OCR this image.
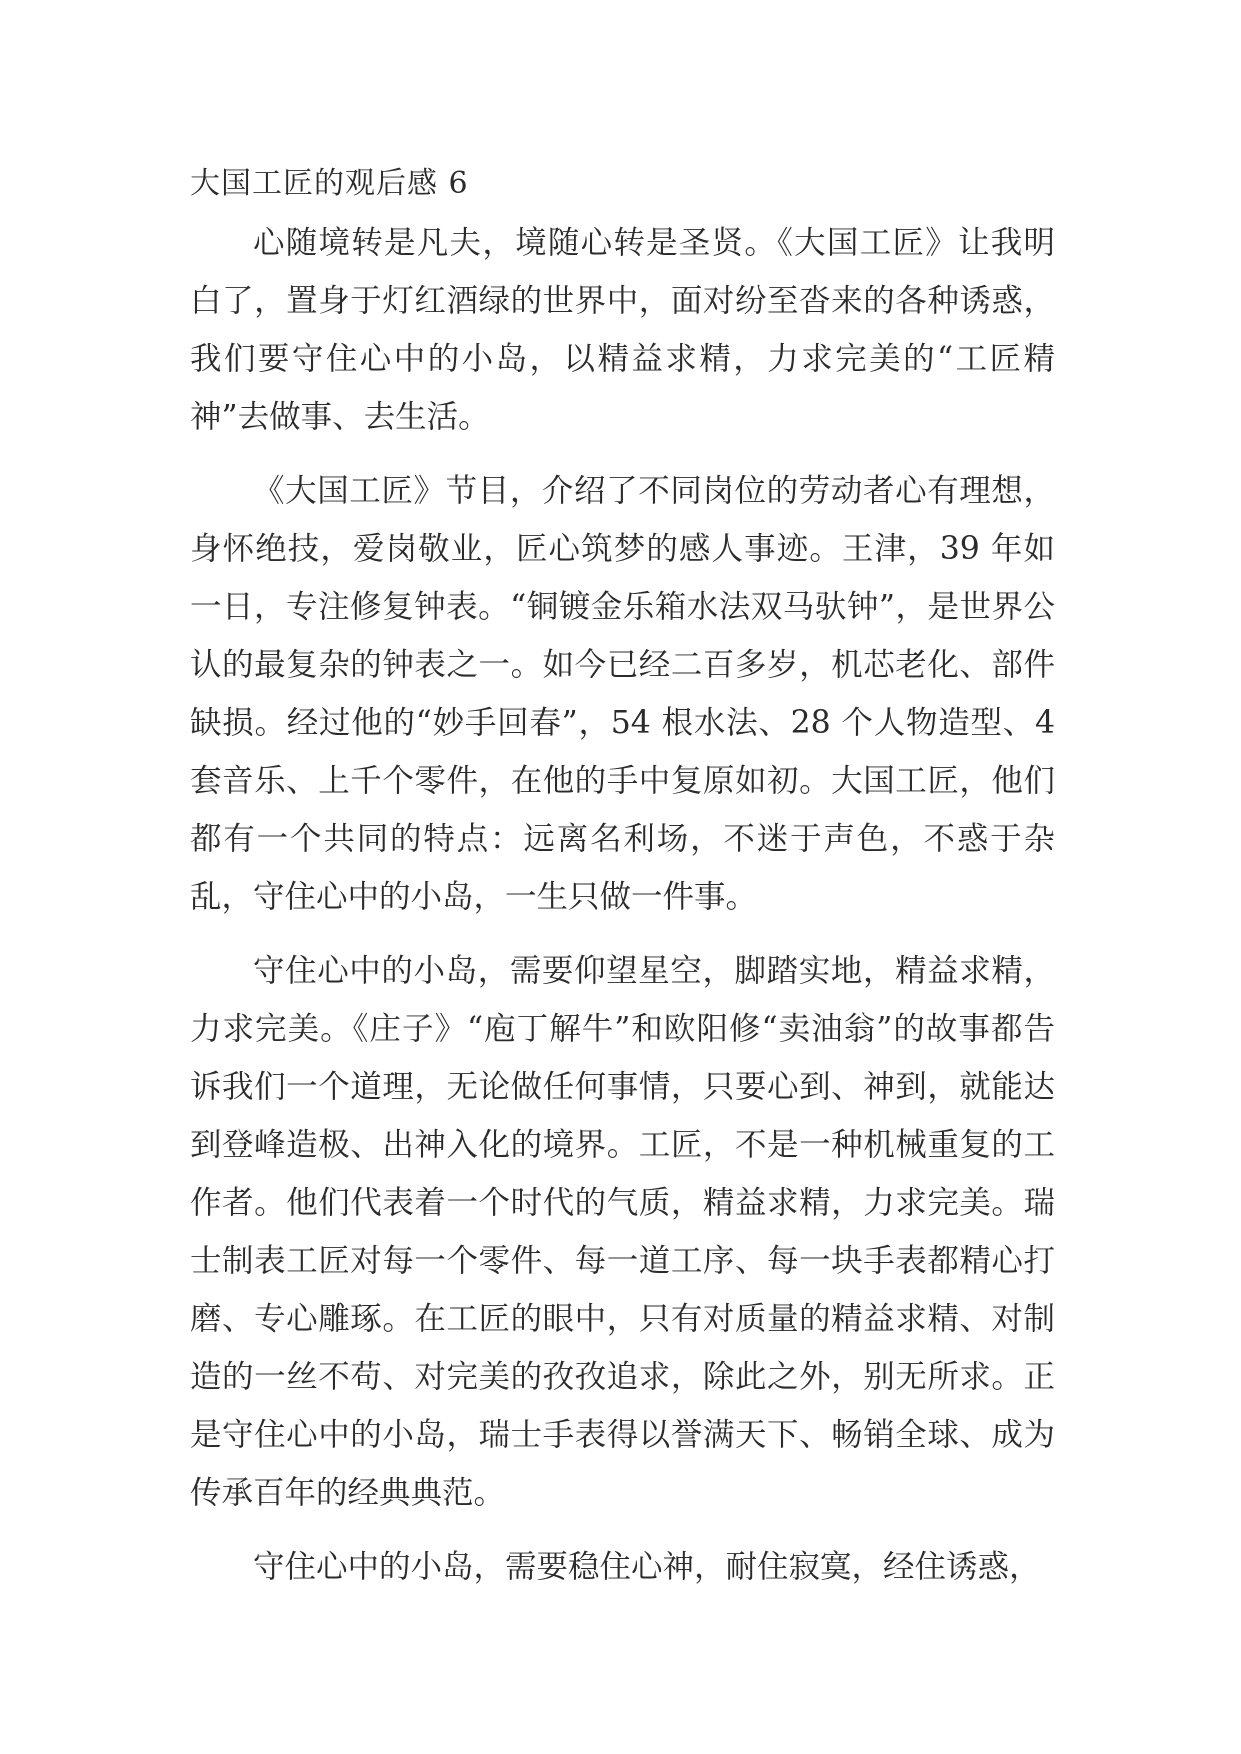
大国工匠的观后感 6

心随境转是凡夫，境随心转是圣贤。《大国工匠》让我明白了，置身于灯红酒绿的世界中，面对纷至沓来的各种诱惑，我们要守住心中的小岛，以精益求精，力求完美的“工匠精神”去做事、去生活。

《大国工匠》节目，介绍了不同岗位的劳动者心有理想，身怀绝技，爱岗敬业，匠心筑梦的感人事迹。王津，39 年如一日，专注修复钟表。“铜镀金乐箱水法双马驮钟”，是世界公认的最复杂的钟表之一。如今已经二百多岁，机芯老化、部件缺损。经过他的“妙手回春”，54 根水法、28 个人物造型、4 套音乐、上千个零件，在他的手中复原如初。大国工匠，他们都有一个共同的特点：远离名利场，不迷于声色，不惑于杂乱，守住心中的小岛，一生只做一件事。

守住心中的小岛，需要仰望星空，脚踏实地，精益求精，力求完美。《庄子》“庖丁解牛”和欧阳修“卖油翁”的故事都告诉我们一个道理，无论做任何事情，只要心到、神到，就能达到登峰造极、出神入化的境界。工匠，不是一种机械重复的工作者。他们代表着一个时代的气质，精益求精，力求完美。瑞士制表工匠对每一个零件、每一道工序、每一块手表都精心打磨、专心雕琢。在工匠的眼中，只有对质量的精益求精、对制造的一丝不苟、对完美的孜孜追求，除此之外，别无所求。正是守住心中的小岛，瑞士手表得以誉满天下、畅销全球、成为传承百年的经典典范。

守住心中的小岛，需要稳住心神，耐住寂寞，经住诱惑，
